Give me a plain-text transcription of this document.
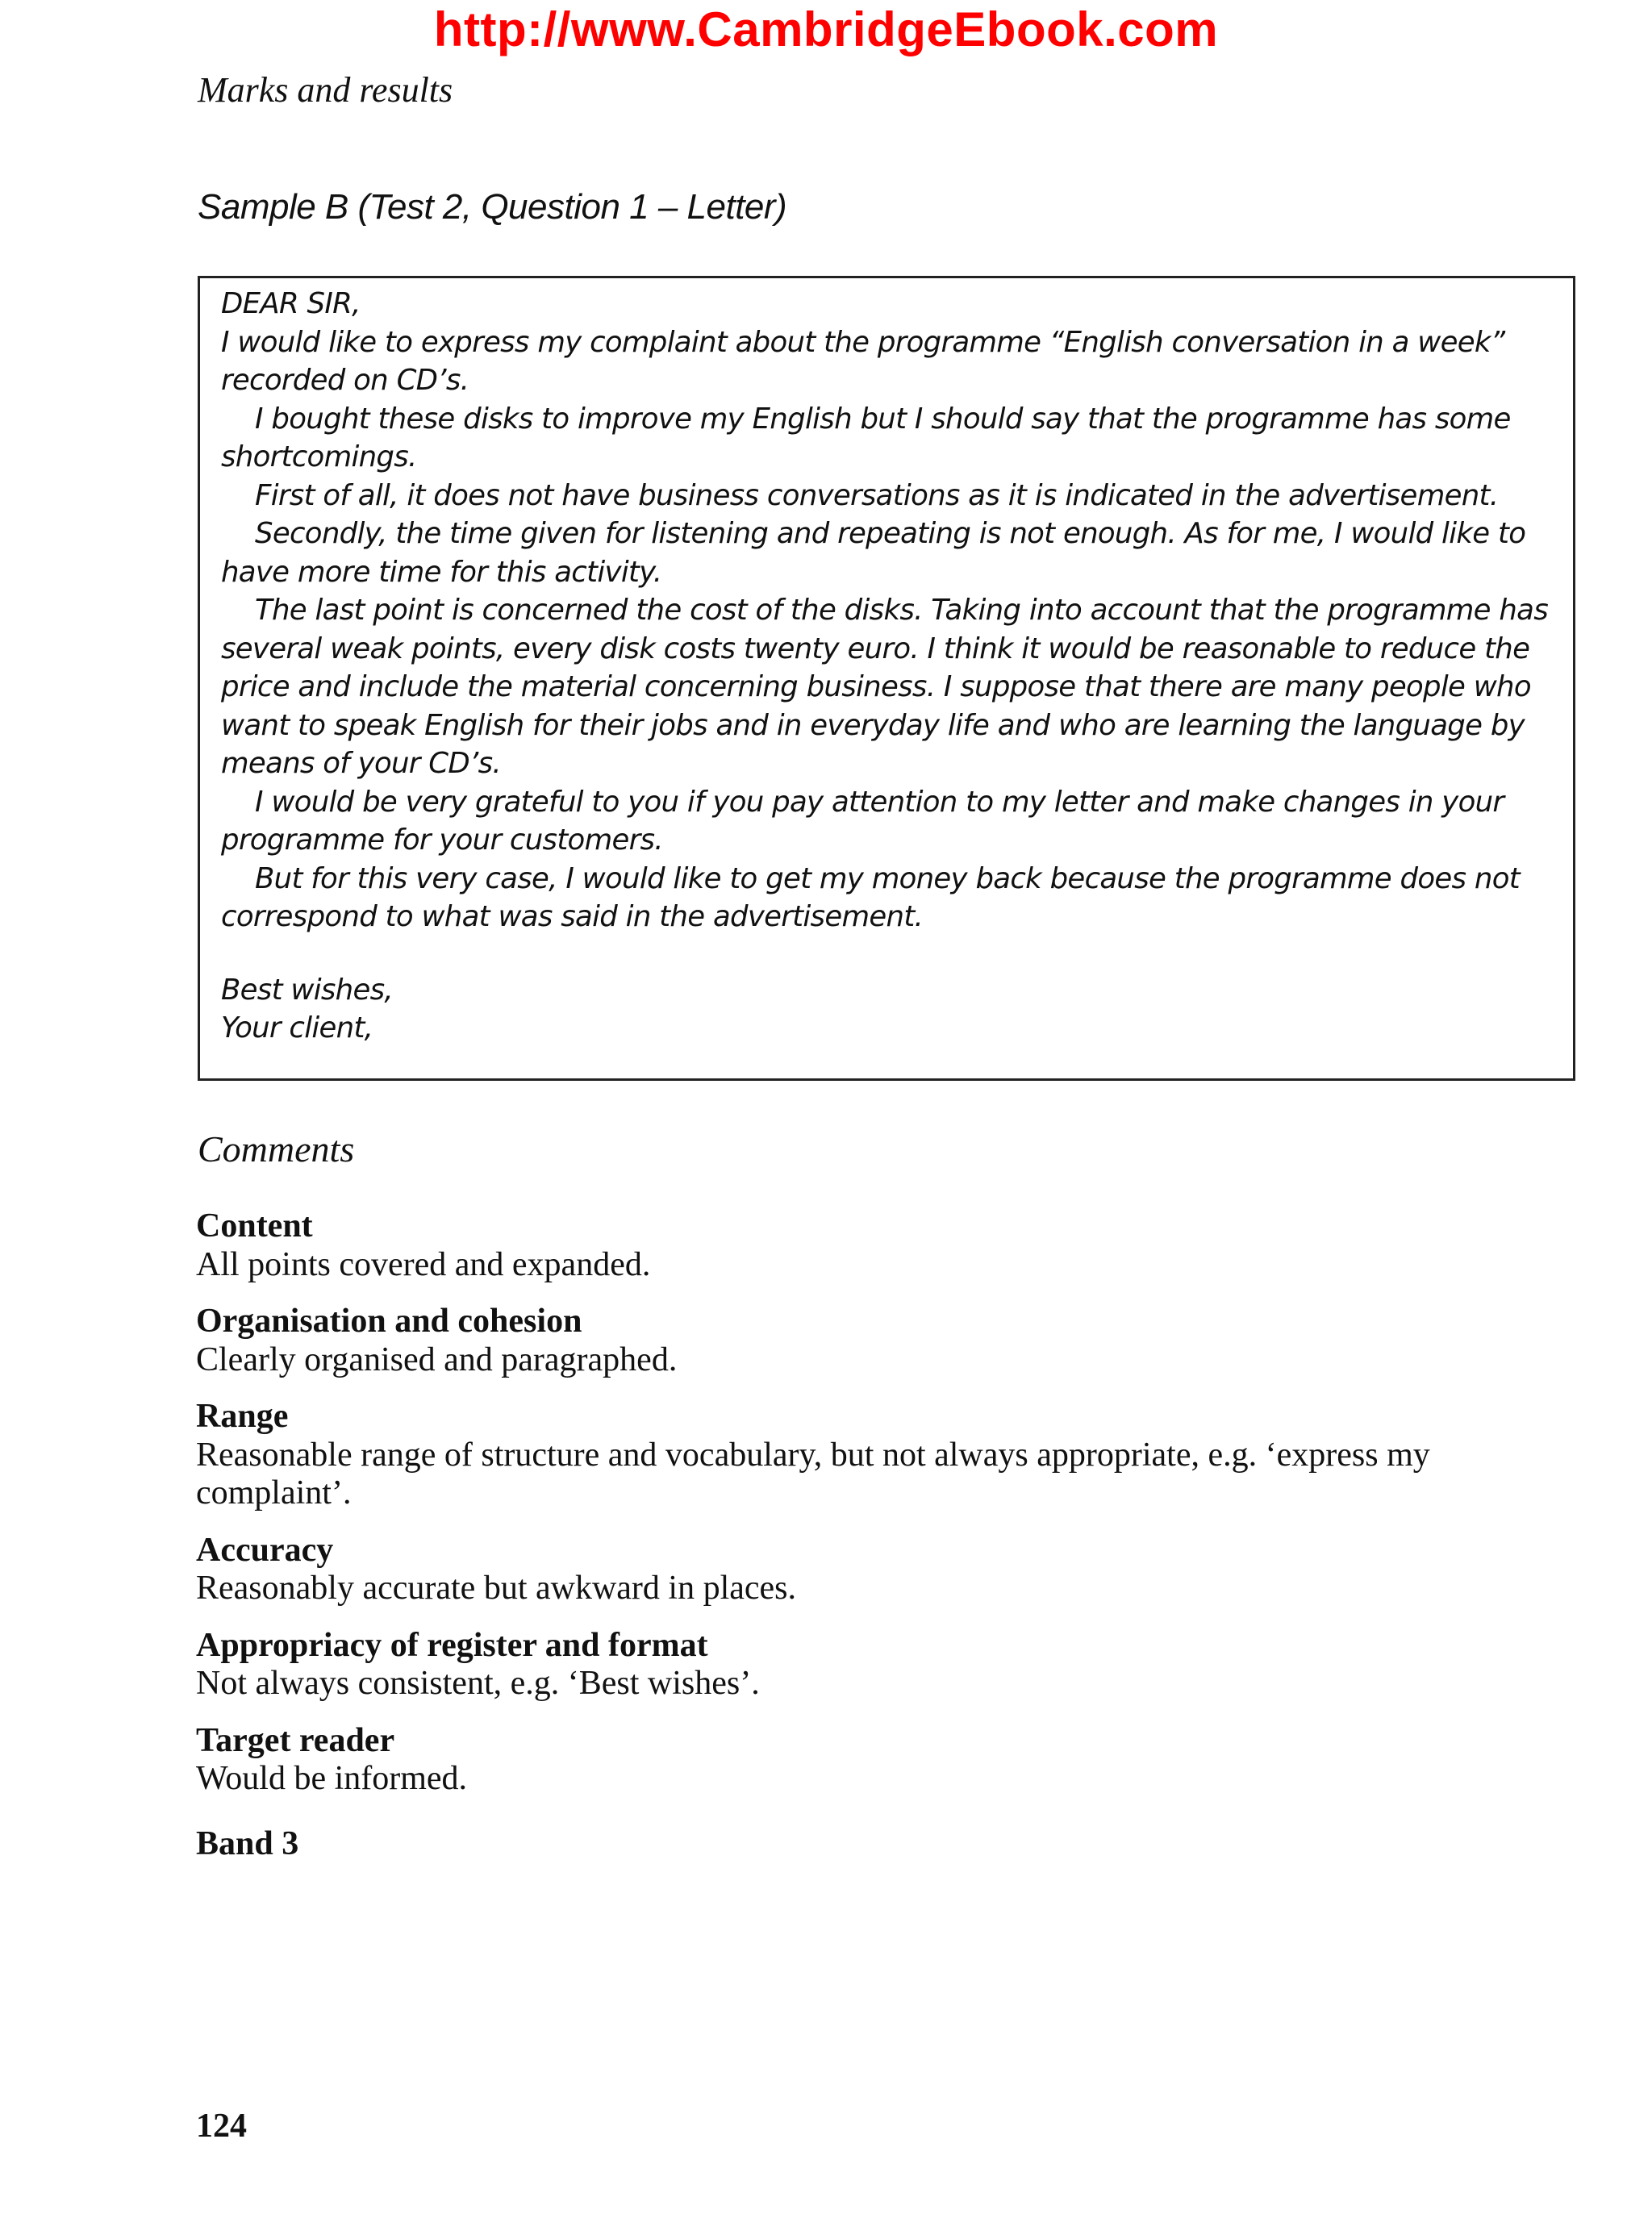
http://www.CambridgeEbook.com
Marks and results
Sample B (Test 2, Question 1 – Letter)

DEAR SIR,

I would like to express my complaint about the programme “English conversation in a week” recorded on CD’s.

I bought these disks to improve my English but I should say that the programme has some shortcomings.

First of all, it does not have business conversations as it is indicated in the advertisement.

Secondly, the time given for listening and repeating is not enough. As for me, I would like to have more time for this activity.

The last point is concerned the cost of the disks. Taking into account that the programme has several weak points, every disk costs twenty euro. I think it would be reasonable to reduce the price and include the material concerning business. I suppose that there are many people who want to speak English for their jobs and in everyday life and who are learning the language by means of your CD’s.

I would be very grateful to you if you pay attention to my letter and make changes in your programme for your customers.

But for this very case, I would like to get my money back because the programme does not correspond to what was said in the advertisement.

Best wishes,

Your client,

Comments
Content
All points covered and expanded.
Organisation and cohesion
Clearly organised and paragraphed.
Range
Reasonable range of structure and vocabulary, but not always appropriate, e.g. ‘express my complaint’.
Accuracy
Reasonably accurate but awkward in places.
Appropriacy of register and format
Not always consistent, e.g. ‘Best wishes’.
Target reader
Would be informed.
Band 3
124
